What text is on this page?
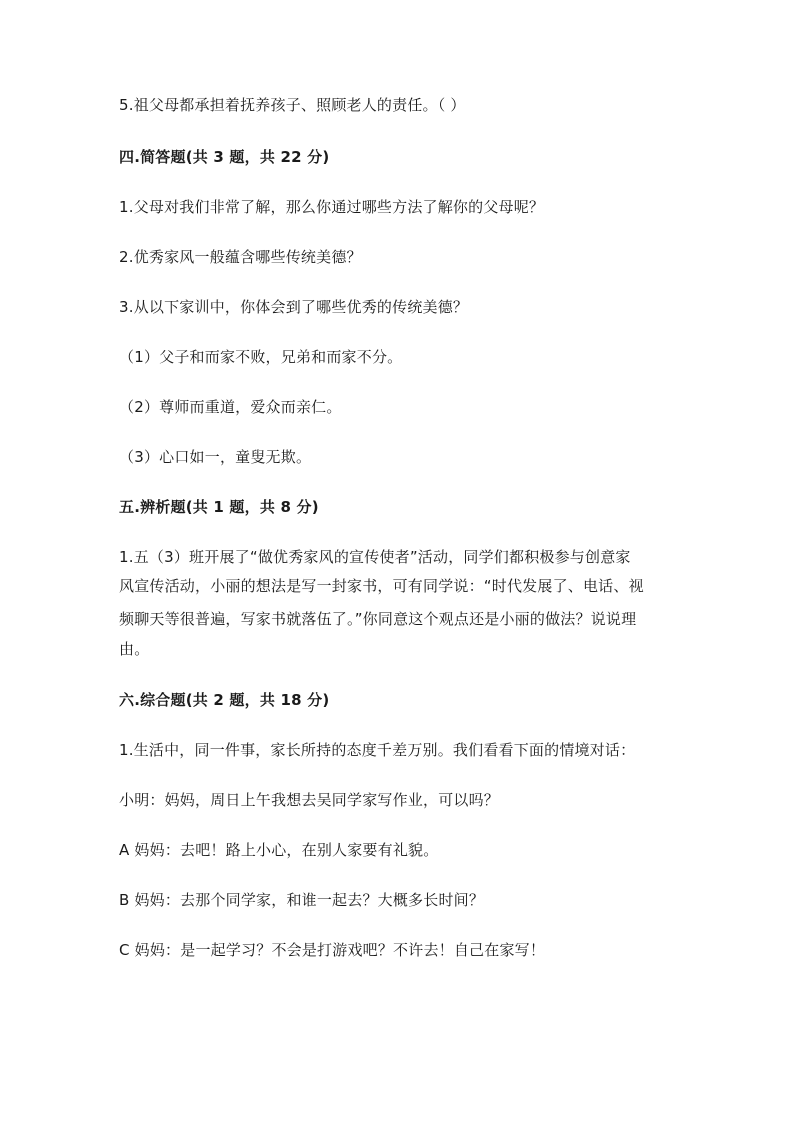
5.祖父母都承担着抚养孩子、照顾老人的责任。（ ）
四.简答题(共 3 题，共 22 分)
1.父母对我们非常了解，那么你通过哪些方法了解你的父母呢？
2.优秀家风一般蕴含哪些传统美德？
3.从以下家训中，你体会到了哪些优秀的传统美德？
（1）父子和而家不败，兄弟和而家不分。
（2）尊师而重道，爱众而亲仁。
（3）心口如一，童叟无欺。
五.辨析题(共 1 题，共 8 分)
1.五（3）班开展了“做优秀家风的宣传使者”活动，同学们都积极参与创意家
风宣传活动，小丽的想法是写一封家书，可有同学说：“时代发展了、电话、视
频聊天等很普遍，写家书就落伍了。”你同意这个观点还是小丽的做法？说说理
由。
六.综合题(共 2 题，共 18 分)
1.生活中，同一件事，家长所持的态度千差万别。我们看看下面的情境对话：
小明：妈妈，周日上午我想去吴同学家写作业，可以吗？
A 妈妈：去吧！路上小心，在别人家要有礼貌。
B 妈妈：去那个同学家，和谁一起去？大概多长时间？
C 妈妈：是一起学习？不会是打游戏吧？不许去！自己在家写！
